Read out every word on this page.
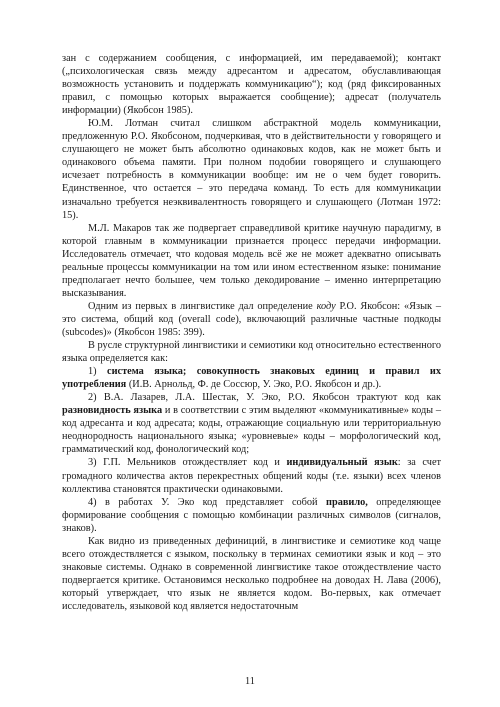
зан с содержанием сообщения, с информацией, им передаваемой); контакт („психологическая связь между адресантом и адресатом, обуславливающая возможность установить и поддержать коммуникацию“); код (ряд фиксированных правил, с помощью которых выражается сообщение); адресат (получатель информации) (Якобсон 1985).

Ю.М. Лотман считал слишком абстрактной модель коммуникации, предложенную Р.О. Якобсоном, подчеркивая, что в действительности у говорящего и слушающего не может быть абсолютно одинаковых кодов, как не может быть и одинакового объема памяти. При полном подобии говорящего и слушающего исчезает потребность в коммуникации вообще: им не о чем будет говорить. Единственное, что остается – это передача команд. То есть для коммуникации изначально требуется неэквивалентность говорящего и слушающего (Лотман 1972: 15).

М.Л. Макаров так же подвергает справедливой критике научную парадигму, в которой главным в коммуникации признается процесс передачи информации. Исследователь отмечает, что кодовая модель всё же не может адекватно описывать реальные процессы коммуникации на том или ином естественном языке: понимание предполагает нечто большее, чем только декодирование – именно интерпретацию высказывания.

Одним из первых в лингвистике дал определение коду Р.О. Якобсон: «Язык – это система, общий код (overall code), включающий различные частные подкоды (subcodes)» (Якобсон 1985: 399).

В русле структурной лингвистики и семиотики код относительно естественного языка определяется как:

1) система языка; совокупность знаковых единиц и правил их употребления (И.В. Арнольд, Ф. де Соссюр, У. Эко, Р.О. Якобсон и др.).

2) В.А. Лазарев, Л.А. Шестак, У. Эко, Р.О. Якобсон трактуют код как разновидность языка и в соответствии с этим выделяют «коммуникативные» коды – код адресанта и код адресата; коды, отражающие социальную или территориальную неоднородность национального языка; «уровневые» коды – морфологический код, грамматический код, фонологический код;

3) Г.П. Мельников отождествляет код и индивидуальный язык: за счет громадного количества актов перекрестных общений коды (т.е. языки) всех членов коллектива становятся практически одинаковыми.

4) в работах У. Эко код представляет собой правило, определяющее формирование сообщения с помощью комбинации различных символов (сигналов, знаков).

Как видно из приведенных дефиниций, в лингвистике и семиотике код чаще всего отождествляется с языком, поскольку в терминах семиотики язык и код – это знаковые системы. Однако в современной лингвистике такое отождествление часто подвергается критике. Остановимся несколько подробнее на доводах Н. Лава (2006), который утверждает, что язык не является кодом. Во-первых, как отмечает исследователь, языковой код является недостаточным

11
